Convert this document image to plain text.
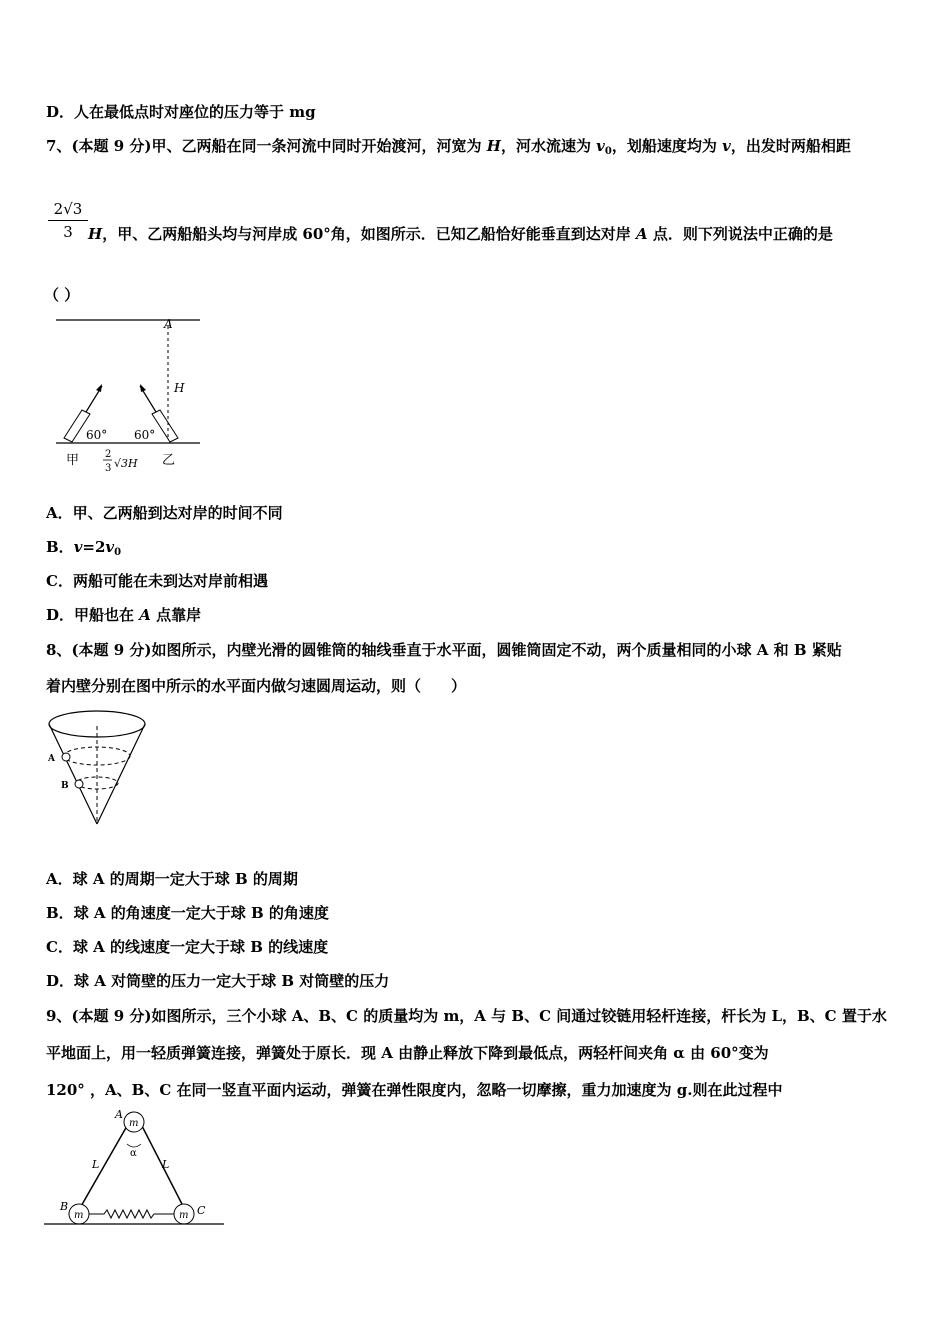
D．人在最低点时对座位的压力等于 mg
7、(本题 9 分)甲、乙两船在同一条河流中同时开始渡河，河宽为 H，河水流速为 $v_0$，划船速度均为 v，出发时两船相距
$\frac{2√3}{3}$ H，甲、乙两船船头均与河岸成 60°角，如图所示．已知乙船恰好能垂直到达对岸 A 点．则下列说法中正确的是
（ ）
A
H
60° 60°
甲	2
3 √3H 乙
A．甲、乙两船到达对岸的时间不同
B．$v=2v_0$
C．两船可能在未到达对岸前相遇
D．甲船也在 A 点靠岸
8、(本题 9 分)如图所示，内壁光滑的圆锥筒的轴线垂直于水平面，圆锥筒固定不动，两个质量相同的小球 A 和 B 紧贴
着内壁分别在图中所示的水平面内做匀速圆周运动，则（　　）
A
B
A．球 A 的周期一定大于球 B 的周期
B．球 A 的角速度一定大于球 B 的角速度
C．球 A 的线速度一定大于球 B 的线速度
D．球 A 对筒壁的压力一定大于球 B 对筒壁的压力
9、(本题 9 分)如图所示，三个小球 A、B、C 的质量均为 m，A 与 B、C 间通过铰链用轻杆连接，杆长为 L，B、C 置于水
平地面上，用一轻质弹簧连接，弹簧处于原长．现 A 由静止释放下降到最低点，两轻杆间夹角 α 由 60°变为
120° ，A、B、C 在同一竖直平面内运动，弹簧在弹性限度内，忽略一切摩擦，重力加速度为 g.则在此过程中
m
m	m
A
B	C
L	L
α
